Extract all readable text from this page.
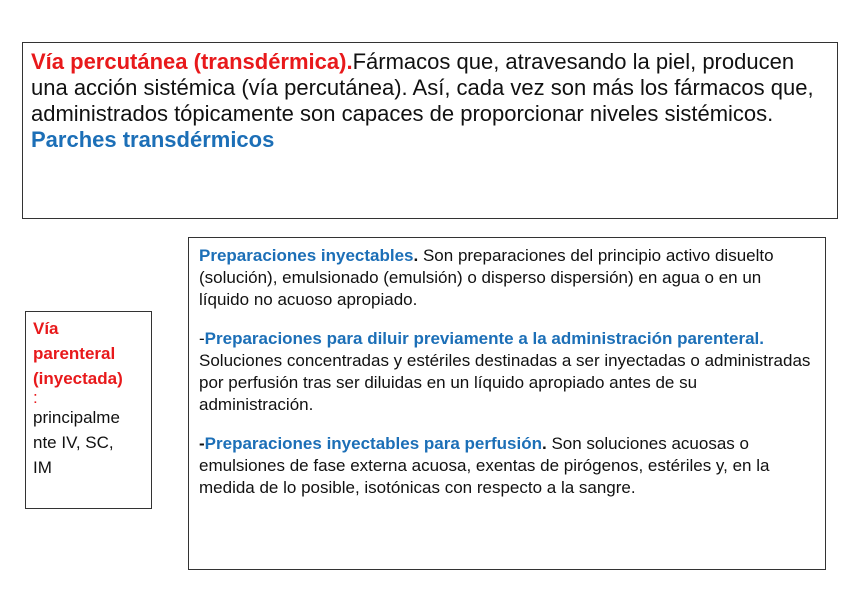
Vía percutánea (transdérmica).Fármacos que, atravesando la piel, producen una acción sistémica (vía percutánea). Así, cada vez son más los fármacos que, administrados tópicamente son capaces de proporcionar niveles sistémicos. Parches transdérmicos

Vía
parenteral
(inyectada)
:
principalme
nte IV, SC,
IM

Preparaciones inyectables. Son preparaciones del principio activo disuelto (solución), emulsionado (emulsión) o disperso dispersión) en agua o en un líquido no acuoso apropiado.

-Preparaciones para diluir previamente a la administración parenteral. Soluciones concentradas y estériles destinadas a ser inyectadas o administradas por perfusión tras ser diluidas en un líquido apropiado antes de su administración.

-Preparaciones inyectables para perfusión. Son soluciones acuosas o emulsiones de fase externa acuosa, exentas de pirógenos, estériles y, en la medida de lo posible, isotónicas con respecto a la sangre.
